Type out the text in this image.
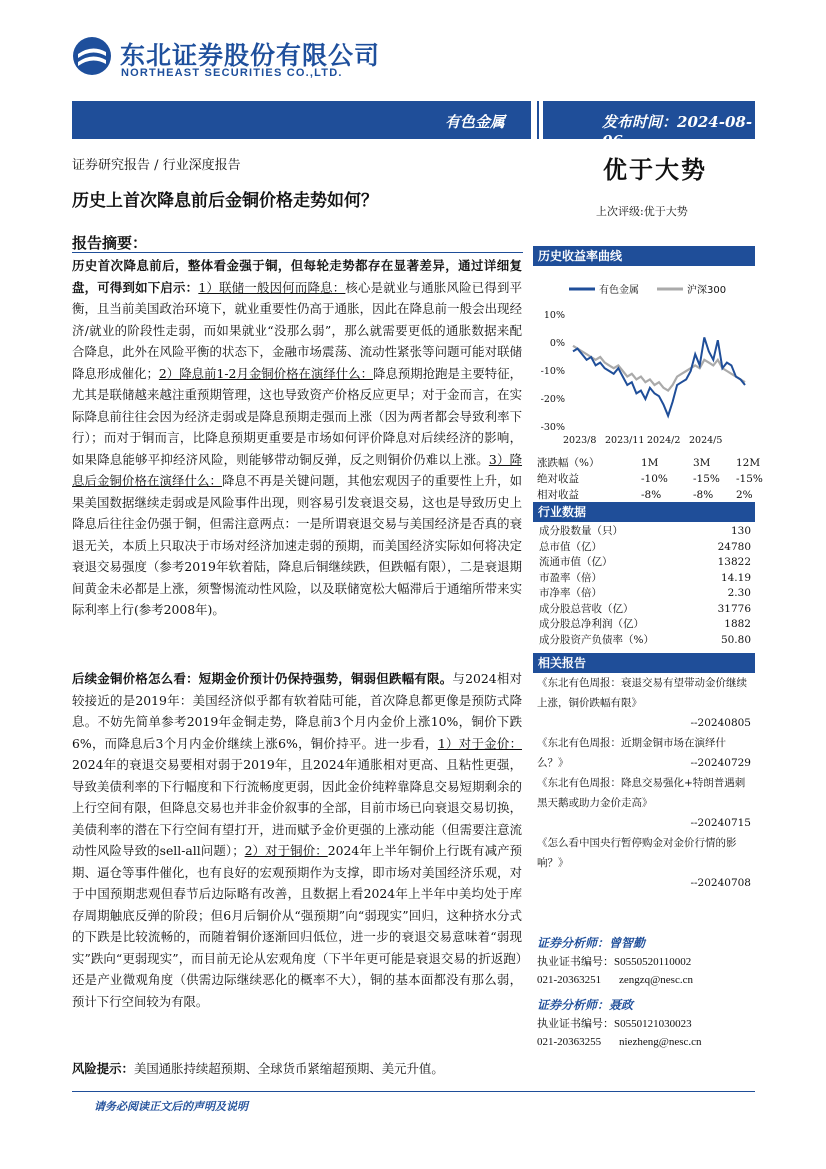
东北证券股份有限公司
NORTHEAST SECURITIES CO.,LTD.
有色金属	发布时间：2024-08-06
证券研究报告 / 行业深度报告	优于大势
历史上首次降息前后金铜价格走势如何？
上次评级:优于大势
报告摘要：
历史首次降息前后，整体看金强于铜，但每轮走势都存在显著差异，通过详细复盘，可得到如下启示：1）联储一般因何而降息：核心是就业与通胀风险已得到平衡，且当前美国政治环境下，就业重要性仍高于通胀，因此在降息前一般会出现经济/就业的阶段性走弱，而如果就业“没那么弱”，那么就需要更低的通胀数据来配合降息，此外在风险平衡的状态下，金融市场震荡、流动性紧张等问题可能对联储降息形成催化；2）降息前1-2月金铜价格在演绎什么：降息预期抢跑是主要特征，尤其是联储越来越注重预期管理，这也导致资产价格反应更早；对于金而言，在实际降息前往往会因为经济走弱或是降息预期走强而上涨（因为两者都会导致利率下行）；而对于铜而言，比降息预期更重要是市场如何评价降息对后续经济的影响，如果降息能够平抑经济风险，则能够带动铜反弹，反之则铜价仍难以上涨。3）降息后金铜价格在演绎什么：降息不再是关键问题，其他宏观因子的重要性上升，如果美国数据继续走弱或是风险事件出现，则容易引发衰退交易，这也是导致历史上降息后往往金仍强于铜，但需注意两点：一是所谓衰退交易与美国经济是否真的衰退无关，本质上只取决于市场对经济加速走弱的预期，而美国经济实际如何将决定衰退交易强度（参考2019年软着陆，降息后铜继续跌，但跌幅有限），二是衰退期间黄金未必都是上涨，须警惕流动性风险，以及联储宽松大幅滞后于通缩所带来实际利率上行(参考2008年)。
后续金铜价格怎么看：短期金价预计仍保持强势，铜弱但跌幅有限。与2024相对较接近的是2019年：美国经济似乎都有软着陆可能，首次降息都更像是预防式降息。不妨先简单参考2019年金铜走势，降息前3个月内金价上涨10%，铜价下跌6%，而降息后3个月内金价继续上涨6%，铜价持平。进一步看，1）对于金价：2024年的衰退交易要相对弱于2019年，且2024年通胀相对更高、且粘性更强，导致美债利率的下行幅度和下行流畅度更弱，因此金价纯粹靠降息交易短期剩余的上行空间有限，但降息交易也并非金价叙事的全部，目前市场已向衰退交易切换，美债利率的潜在下行空间有望打开，进而赋予金价更强的上涨动能（但需要注意流动性风险导致的sell-all问题）；2）对于铜价：2024年上半年铜价上行既有减产预期、逼仓等事件催化，也有良好的宏观预期作为支撑，即市场对美国经济乐观，对于中国预期悲观但春节后边际略有改善，且数据上看2024年上半年中美均处于库存周期触底反弹的阶段；但6月后铜价从“强预期”向“弱现实”回归，这种挤水分式的下跌是比较流畅的，而随着铜价逐渐回归低位，进一步的衰退交易意味着“弱现实”跌向“更弱现实”，而目前无论从宏观角度（下半年更可能是衰退交易的折返跑）还是产业微观角度（供需边际继续恶化的概率不大），铜的基本面都没有那么弱，预计下行空间较为有限。
风险提示：美国通胀持续超预期、全球货币紧缩超预期、美元升值。
历史收益率曲线
有色金属	沪深300
10%
0%
-10%
-20%
-30%
2023/8 2023/11 2024/2 2024/5
涨跌幅（%）	1M	3M 12M
绝对收益	-10% -15% -15%
相对收益	-8%	-8% 2%
行业数据
成分股数量（只）	130
总市值（亿）	24780
流通市值（亿）	13822
市盈率（倍）	14.19
市净率（倍）	2.30
成分股总营收（亿）	31776
成分股总净利润（亿）	1882
成分股资产负债率（%）	50.80
相关报告
《东北有色周报：衰退交易有望带动金价继续上涨，铜价跌幅有限》
--20240805
《东北有色周报：近期金铜市场在演绎什么？》	--20240729
《东北有色周报：降息交易强化+特朗普遇刺黑天鹅或助力金价走高》
--20240715
《怎么看中国央行暂停购金对金价行情的影响？》
--20240708
证券分析师：曾智勤
执业证书编号：S0550520110002
021-20363251 zengzq@nesc.cn
证券分析师：聂政
执业证书编号：S0550121030023
021-20363255 niezheng@nesc.cn
请务必阅读正文后的声明及说明
